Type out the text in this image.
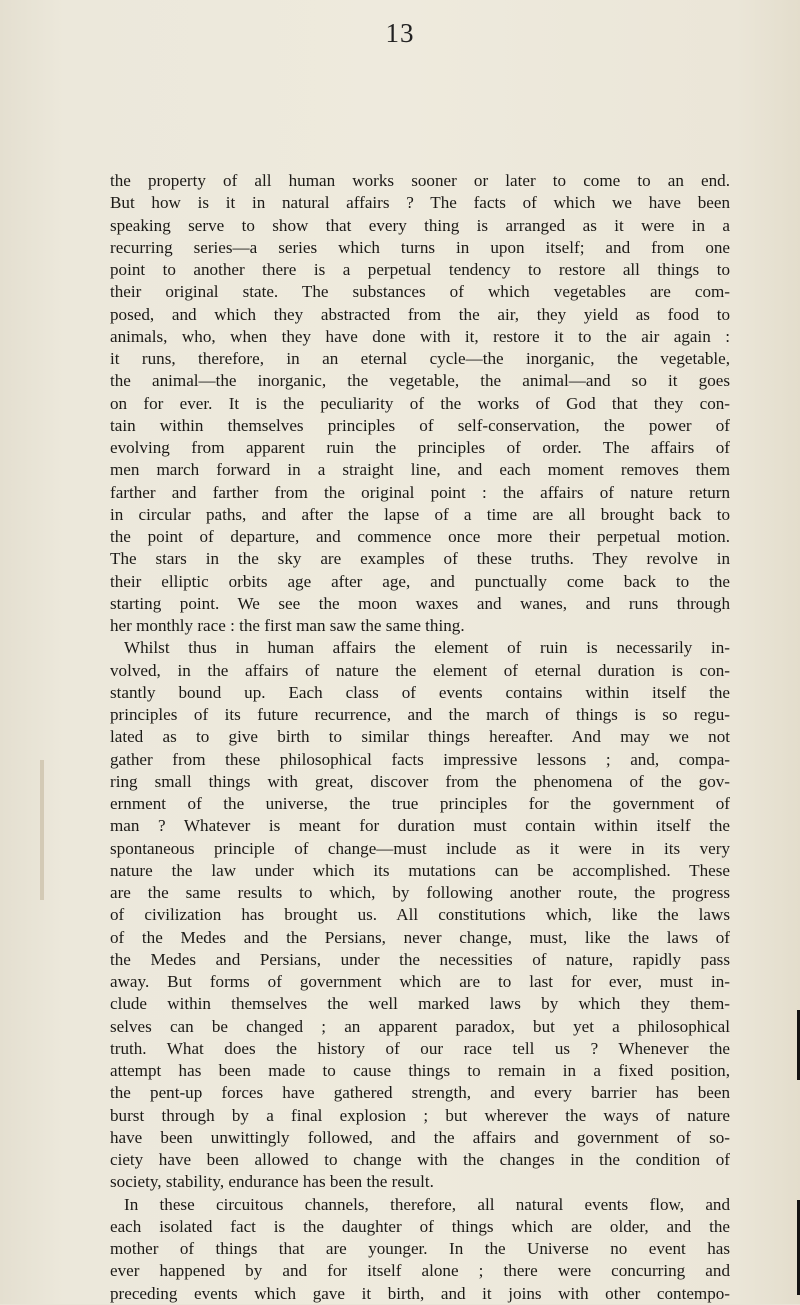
13
the property of all human works sooner or later to come to an end.
But how is it in natural affairs ? The facts of which we have been
speaking serve to show that every thing is arranged as it were in a
recurring series—a series which turns in upon itself; and from one
point to another there is a perpetual tendency to restore all things to
their original state. The substances of which vegetables are com-
posed, and which they abstracted from the air, they yield as food to
animals, who, when they have done with it, restore it to the air again :
it runs, therefore, in an eternal cycle—the inorganic, the vegetable,
the animal—the inorganic, the vegetable, the animal—and so it goes
on for ever. It is the peculiarity of the works of God that they con-
tain within themselves principles of self-conservation, the power of
evolving from apparent ruin the principles of order. The affairs of
men march forward in a straight line, and each moment removes them
farther and farther from the original point : the affairs of nature return
in circular paths, and after the lapse of a time are all brought back to
the point of departure, and commence once more their perpetual motion.
The stars in the sky are examples of these truths. They revolve in
their elliptic orbits age after age, and punctually come back to the
starting point. We see the moon waxes and wanes, and runs through
her monthly race : the first man saw the same thing.
Whilst thus in human affairs the element of ruin is necessarily in-
volved, in the affairs of nature the element of eternal duration is con-
stantly bound up. Each class of events contains within itself the
principles of its future recurrence, and the march of things is so regu-
lated as to give birth to similar things hereafter. And may we not
gather from these philosophical facts impressive lessons ; and, compa-
ring small things with great, discover from the phenomena of the gov-
ernment of the universe, the true principles for the government of
man ? Whatever is meant for duration must contain within itself the
spontaneous principle of change—must include as it were in its very
nature the law under which its mutations can be accomplished. These
are the same results to which, by following another route, the progress
of civilization has brought us. All constitutions which, like the laws
of the Medes and the Persians, never change, must, like the laws of
the Medes and Persians, under the necessities of nature, rapidly pass
away. But forms of government which are to last for ever, must in-
clude within themselves the well marked laws by which they them-
selves can be changed ; an apparent paradox, but yet a philosophical
truth. What does the history of our race tell us ? Whenever the
attempt has been made to cause things to remain in a fixed position,
the pent-up forces have gathered strength, and every barrier has been
burst through by a final explosion ; but wherever the ways of nature
have been unwittingly followed, and the affairs and government of so-
ciety have been allowed to change with the changes in the condition of
society, stability, endurance has been the result.
In these circuitous channels, therefore, all natural events flow, and
each isolated fact is the daughter of things which are older, and the
mother of things that are younger. In the Universe no event has
ever happened by and for itself alone ; there were concurring and
preceding events which gave it birth, and it joins with other contempo-
